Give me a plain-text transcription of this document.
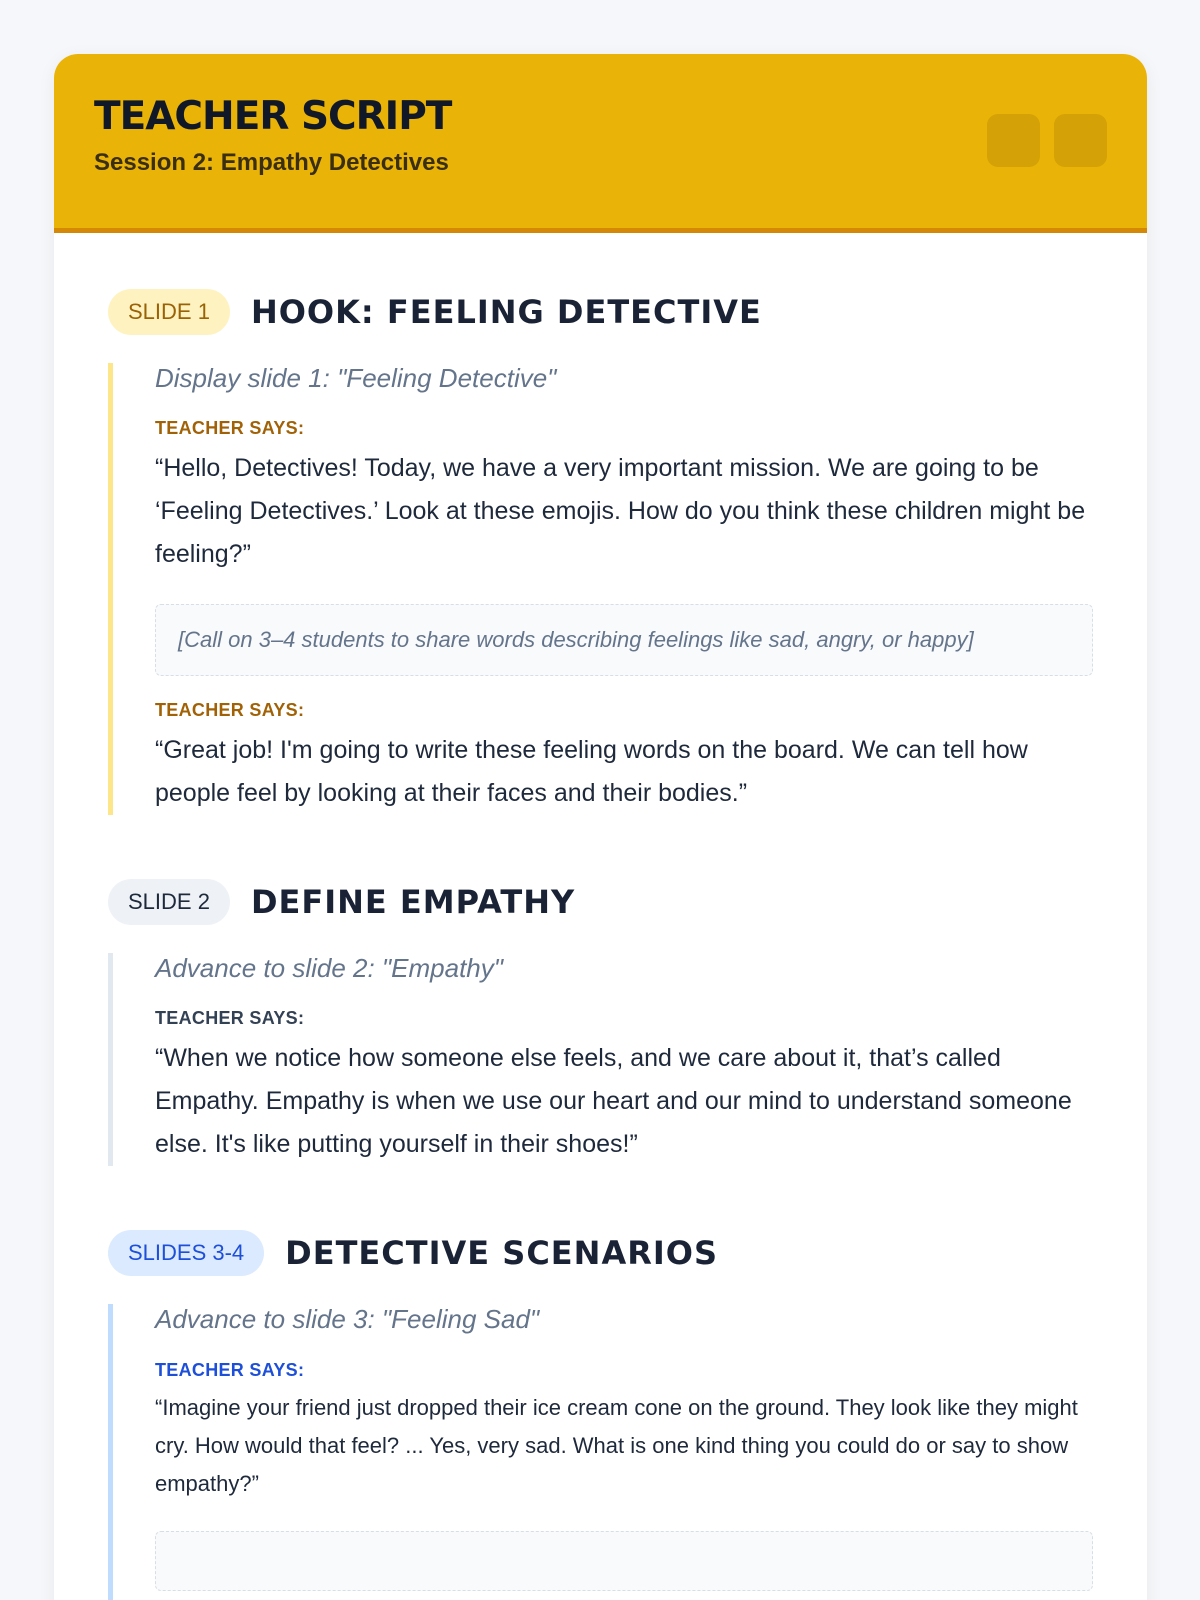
TEACHER SCRIPT
Session 2: Empathy Detectives
SLIDE 1	HOOK: FEELING DETECTIVE
Display slide 1: "Feeling Detective"
TEACHER SAYS:
“Hello, Detectives! Today, we have a very important mission. We are going to be ‘Feeling Detectives.’ Look at these emojis. How do you think these children might be feeling?”
[Call on 3–4 students to share words describing feelings like sad, angry, or happy]
TEACHER SAYS:
“Great job! I'm going to write these feeling words on the board. We can tell how people feel by looking at their faces and their bodies.”
SLIDE 2	DEFINE EMPATHY
Advance to slide 2: "Empathy"
TEACHER SAYS:
“When we notice how someone else feels, and we care about it, that’s called Empathy. Empathy is when we use our heart and our mind to understand someone else. It's like putting yourself in their shoes!”
SLIDES 3-4	DETECTIVE SCENARIOS
Advance to slide 3: "Feeling Sad"
TEACHER SAYS:
“Imagine your friend just dropped their ice cream cone on the ground. They look like they might cry. How would that feel? ... Yes, very sad. What is one kind thing you could do or say to show empathy?”
